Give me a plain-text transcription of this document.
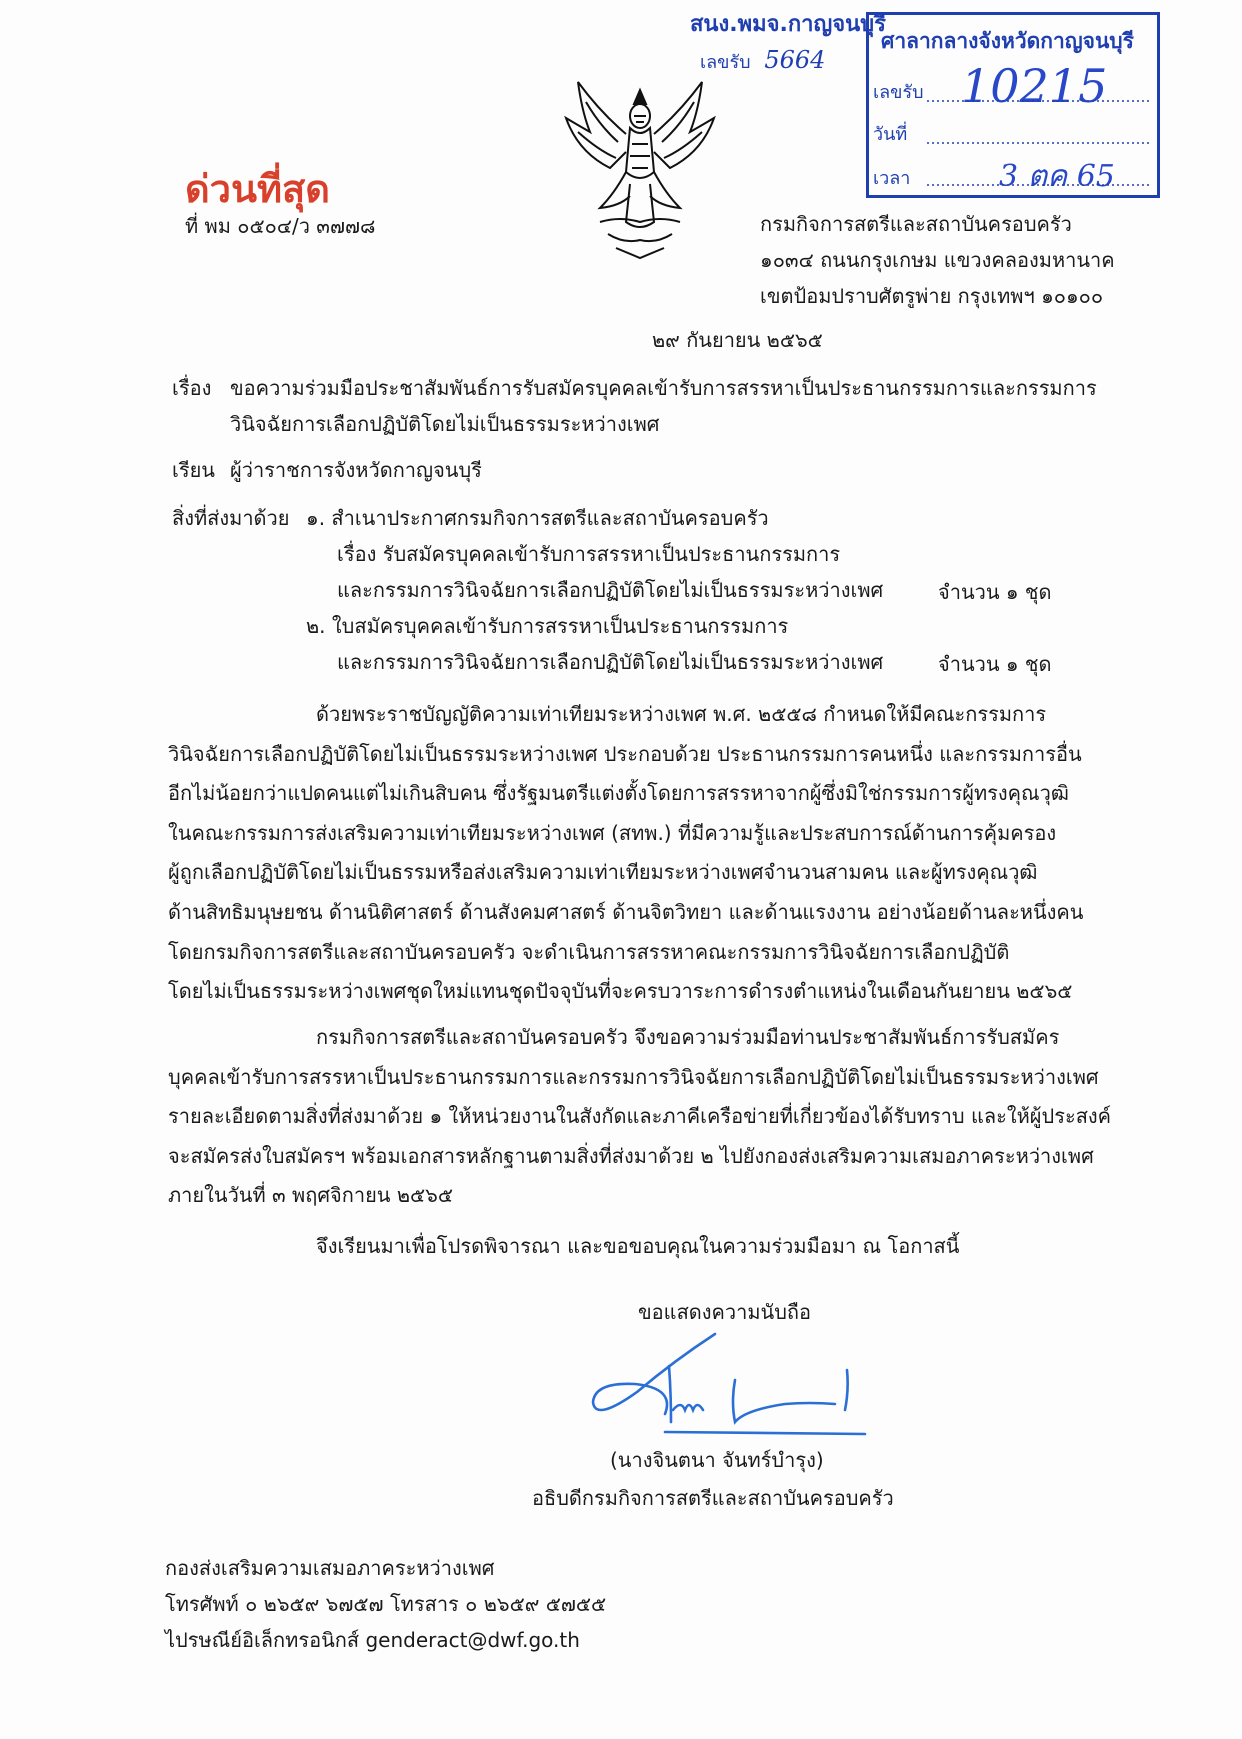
สนง.พมจ.กาญจนบุรี
เลขรับ 5664
ศาลากลางจังหวัดกาญจนบุรี
เลขรับ 10215
วันที่
เวลา	3 ตค 65
ด่วนที่สุด
ที่ พม ๐๕๐๔/ว ๓๗๗๘	กรมกิจการสตรีและสถาบันครอบครัว
๑๐๓๔ ถนนกรุงเกษม แขวงคลองมหานาค
เขตป้อมปราบศัตรูพ่าย กรุงเทพฯ ๑๐๑๐๐
๒๙ กันยายน ๒๕๖๕
เรื่อง ขอความร่วมมือประชาสัมพันธ์การรับสมัครบุคคลเข้ารับการสรรหาเป็นประธานกรรมการและกรรมการ
วินิจฉัยการเลือกปฏิบัติโดยไม่เป็นธรรมระหว่างเพศ
เรียน ผู้ว่าราชการจังหวัดกาญจนบุรี
สิ่งที่ส่งมาด้วย ๑. สำเนาประกาศกรมกิจการสตรีและสถาบันครอบครัว
เรื่อง รับสมัครบุคคลเข้ารับการสรรหาเป็นประธานกรรมการ
และกรรมการวินิจฉัยการเลือกปฏิบัติโดยไม่เป็นธรรมระหว่างเพศ	จำนวน ๑ ชุด
๒. ใบสมัครบุคคลเข้ารับการสรรหาเป็นประธานกรรมการ
และกรรมการวินิจฉัยการเลือกปฏิบัติโดยไม่เป็นธรรมระหว่างเพศ	จำนวน ๑ ชุด
ด้วยพระราชบัญญัติความเท่าเทียมระหว่างเพศ พ.ศ. ๒๕๕๘ กำหนดให้มีคณะกรรมการ
วินิจฉัยการเลือกปฏิบัติโดยไม่เป็นธรรมระหว่างเพศ ประกอบด้วย ประธานกรรมการคนหนึ่ง และกรรมการอื่น
อีกไม่น้อยกว่าแปดคนแต่ไม่เกินสิบคน ซึ่งรัฐมนตรีแต่งตั้งโดยการสรรหาจากผู้ซึ่งมิใช่กรรมการผู้ทรงคุณวุฒิ
ในคณะกรรมการส่งเสริมความเท่าเทียมระหว่างเพศ (สทพ.) ที่มีความรู้และประสบการณ์ด้านการคุ้มครอง
ผู้ถูกเลือกปฏิบัติโดยไม่เป็นธรรมหรือส่งเสริมความเท่าเทียมระหว่างเพศจำนวนสามคน และผู้ทรงคุณวุฒิ
ด้านสิทธิมนุษยชน ด้านนิติศาสตร์ ด้านสังคมศาสตร์ ด้านจิตวิทยา และด้านแรงงาน อย่างน้อยด้านละหนึ่งคน
โดยกรมกิจการสตรีและสถาบันครอบครัว จะดำเนินการสรรหาคณะกรรมการวินิจฉัยการเลือกปฏิบัติ
โดยไม่เป็นธรรมระหว่างเพศชุดใหม่แทนชุดปัจจุบันที่จะครบวาระการดำรงตำแหน่งในเดือนกันยายน ๒๕๖๕
กรมกิจการสตรีและสถาบันครอบครัว จึงขอความร่วมมือท่านประชาสัมพันธ์การรับสมัคร
บุคคลเข้ารับการสรรหาเป็นประธานกรรมการและกรรมการวินิจฉัยการเลือกปฏิบัติโดยไม่เป็นธรรมระหว่างเพศ
รายละเอียดตามสิ่งที่ส่งมาด้วย ๑ ให้หน่วยงานในสังกัดและภาคีเครือข่ายที่เกี่ยวข้องได้รับทราบ และให้ผู้ประสงค์
จะสมัครส่งใบสมัครฯ พร้อมเอกสารหลักฐานตามสิ่งที่ส่งมาด้วย ๒ ไปยังกองส่งเสริมความเสมอภาคระหว่างเพศ
ภายในวันที่ ๓ พฤศจิกายน ๒๕๖๕
จึงเรียนมาเพื่อโปรดพิจารณา และขอขอบคุณในความร่วมมือมา ณ โอกาสนี้
ขอแสดงความนับถือ
(นางจินตนา จันทร์บำรุง)
อธิบดีกรมกิจการสตรีและสถาบันครอบครัว
กองส่งเสริมความเสมอภาคระหว่างเพศ
โทรศัพท์ ๐ ๒๖๕๙ ๖๗๕๗ โทรสาร ๐ ๒๖๕๙ ๕๗๕๕
ไปรษณีย์อิเล็กทรอนิกส์ genderact@dwf.go.th
